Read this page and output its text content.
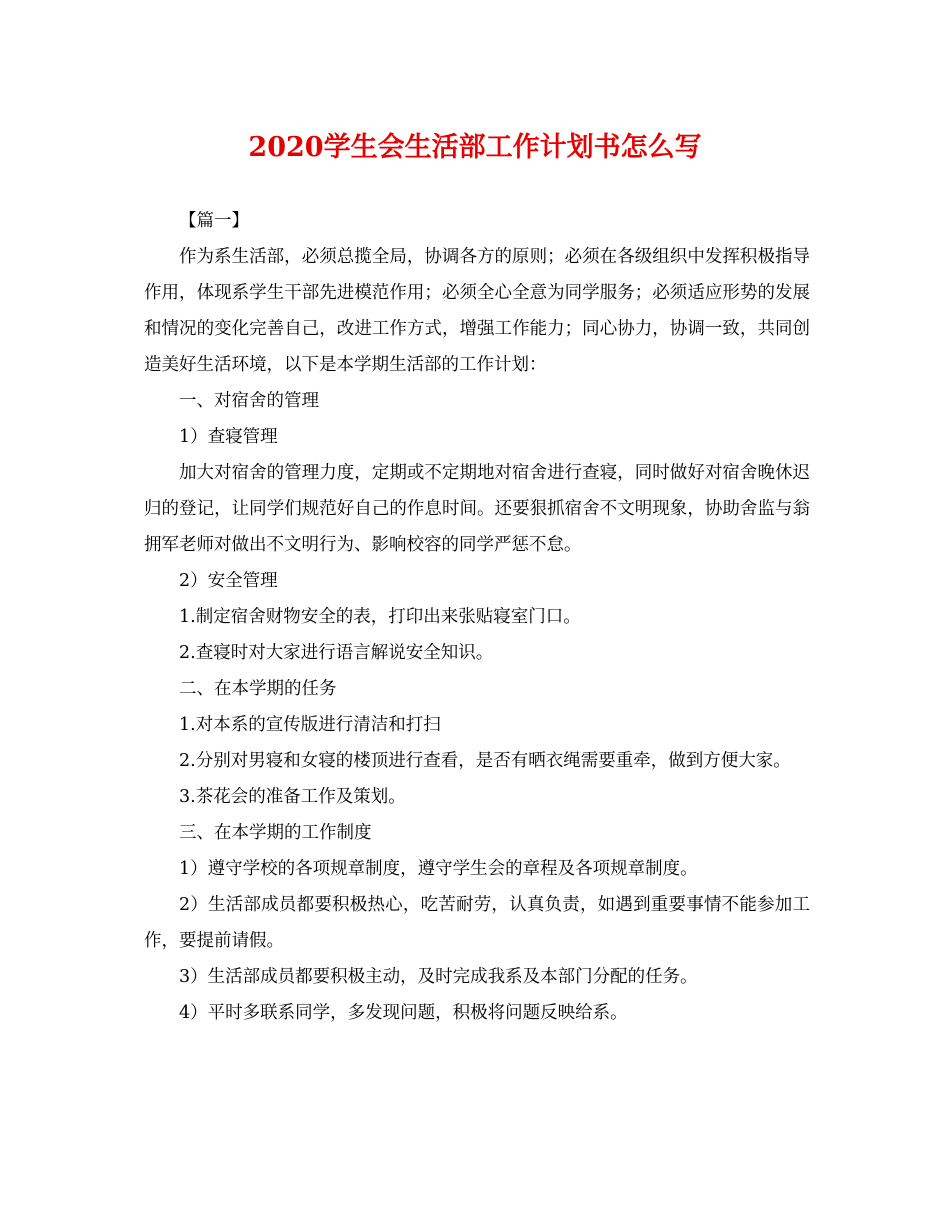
2020学生会生活部工作计划书怎么写

【篇一】

作为系生活部，必须总揽全局，协调各方的原则；必须在各级组织中发挥积极指导作用，体现系学生干部先进模范作用；必须全心全意为同学服务；必须适应形势的发展和情况的变化完善自己，改进工作方式，增强工作能力；同心协力，协调一致，共同创造美好生活环境，以下是本学期生活部的工作计划：

一、对宿舍的管理

1）查寝管理

加大对宿舍的管理力度，定期或不定期地对宿舍进行查寝，同时做好对宿舍晚休迟归的登记，让同学们规范好自己的作息时间。还要狠抓宿舍不文明现象，协助舍监与翁拥军老师对做出不文明行为、影响校容的同学严惩不怠。

2）安全管理

1.制定宿舍财物安全的表，打印出来张贴寝室门口。

2.查寝时对大家进行语言解说安全知识。

二、在本学期的任务

1.对本系的宣传版进行清洁和打扫

2.分别对男寝和女寝的楼顶进行查看，是否有晒衣绳需要重牵，做到方便大家。

3.茶花会的准备工作及策划。

三、在本学期的工作制度

1）遵守学校的各项规章制度，遵守学生会的章程及各项规章制度。

2）生活部成员都要积极热心，吃苦耐劳，认真负责，如遇到重要事情不能参加工作，要提前请假。

3）生活部成员都要积极主动，及时完成我系及本部门分配的任务。

4）平时多联系同学，多发现问题，积极将问题反映给系。
